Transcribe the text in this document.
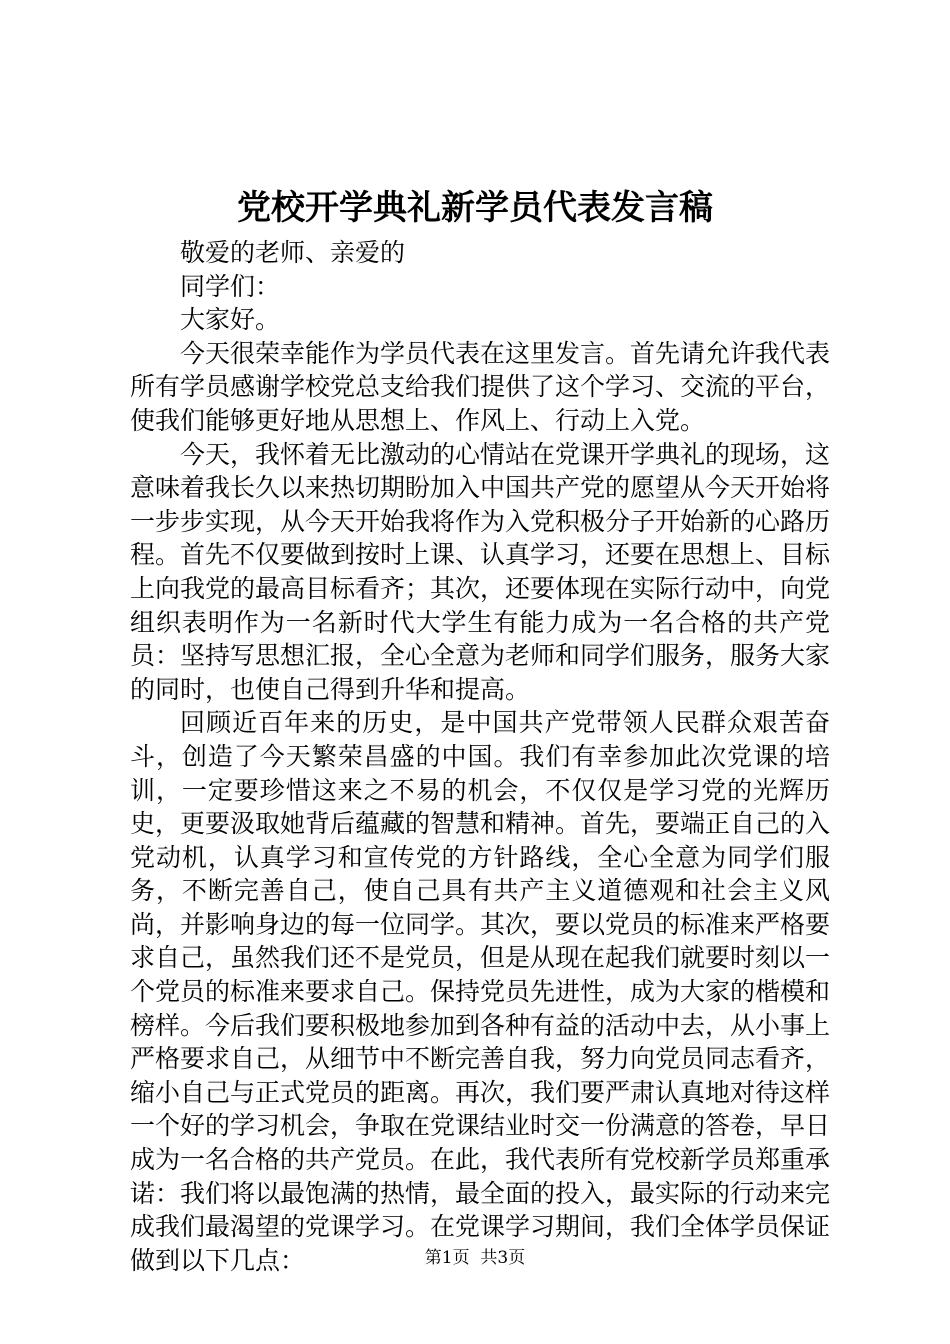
党校开学典礼新学员代表发言稿

敬爱的老师、亲爱的

同学们：

大家好。

今天很荣幸能作为学员代表在这里发言。首先请允许我代表所有学员感谢学校党总支给我们提供了这个学习、交流的平台，使我们能够更好地从思想上、作风上、行动上入党。

今天，我怀着无比激动的心情站在党课开学典礼的现场，这意味着我长久以来热切期盼加入中国共产党的愿望从今天开始将一步步实现，从今天开始我将作为入党积极分子开始新的心路历程。首先不仅要做到按时上课、认真学习，还要在思想上、目标上向我党的最高目标看齐；其次，还要体现在实际行动中，向党组织表明作为一名新时代大学生有能力成为一名合格的共产党员：坚持写思想汇报，全心全意为老师和同学们服务，服务大家的同时，也使自己得到升华和提高。

回顾近百年来的历史，是中国共产党带领人民群众艰苦奋斗，创造了今天繁荣昌盛的中国。我们有幸参加此次党课的培训，一定要珍惜这来之不易的机会，不仅仅是学习党的光辉历史，更要汲取她背后蕴藏的智慧和精神。首先，要端正自己的入党动机，认真学习和宣传党的方针路线，全心全意为同学们服务，不断完善自己，使自己具有共产主义道德观和社会主义风尚，并影响身边的每一位同学。其次，要以党员的标准来严格要求自己，虽然我们还不是党员，但是从现在起我们就要时刻以一个党员的标准来要求自己。保持党员先进性，成为大家的楷模和榜样。今后我们要积极地参加到各种有益的活动中去，从小事上严格要求自己，从细节中不断完善自我，努力向党员同志看齐，缩小自己与正式党员的距离。再次，我们要严肃认真地对待这样一个好的学习机会，争取在党课结业时交一份满意的答卷，早日成为一名合格的共产党员。在此，我代表所有党校新学员郑重承诺：我们将以最饱满的热情，最全面的投入，最实际的行动来完成我们最渴望的党课学习。在党课学习期间，我们全体学员保证做到以下几点：	第1页  共3页
